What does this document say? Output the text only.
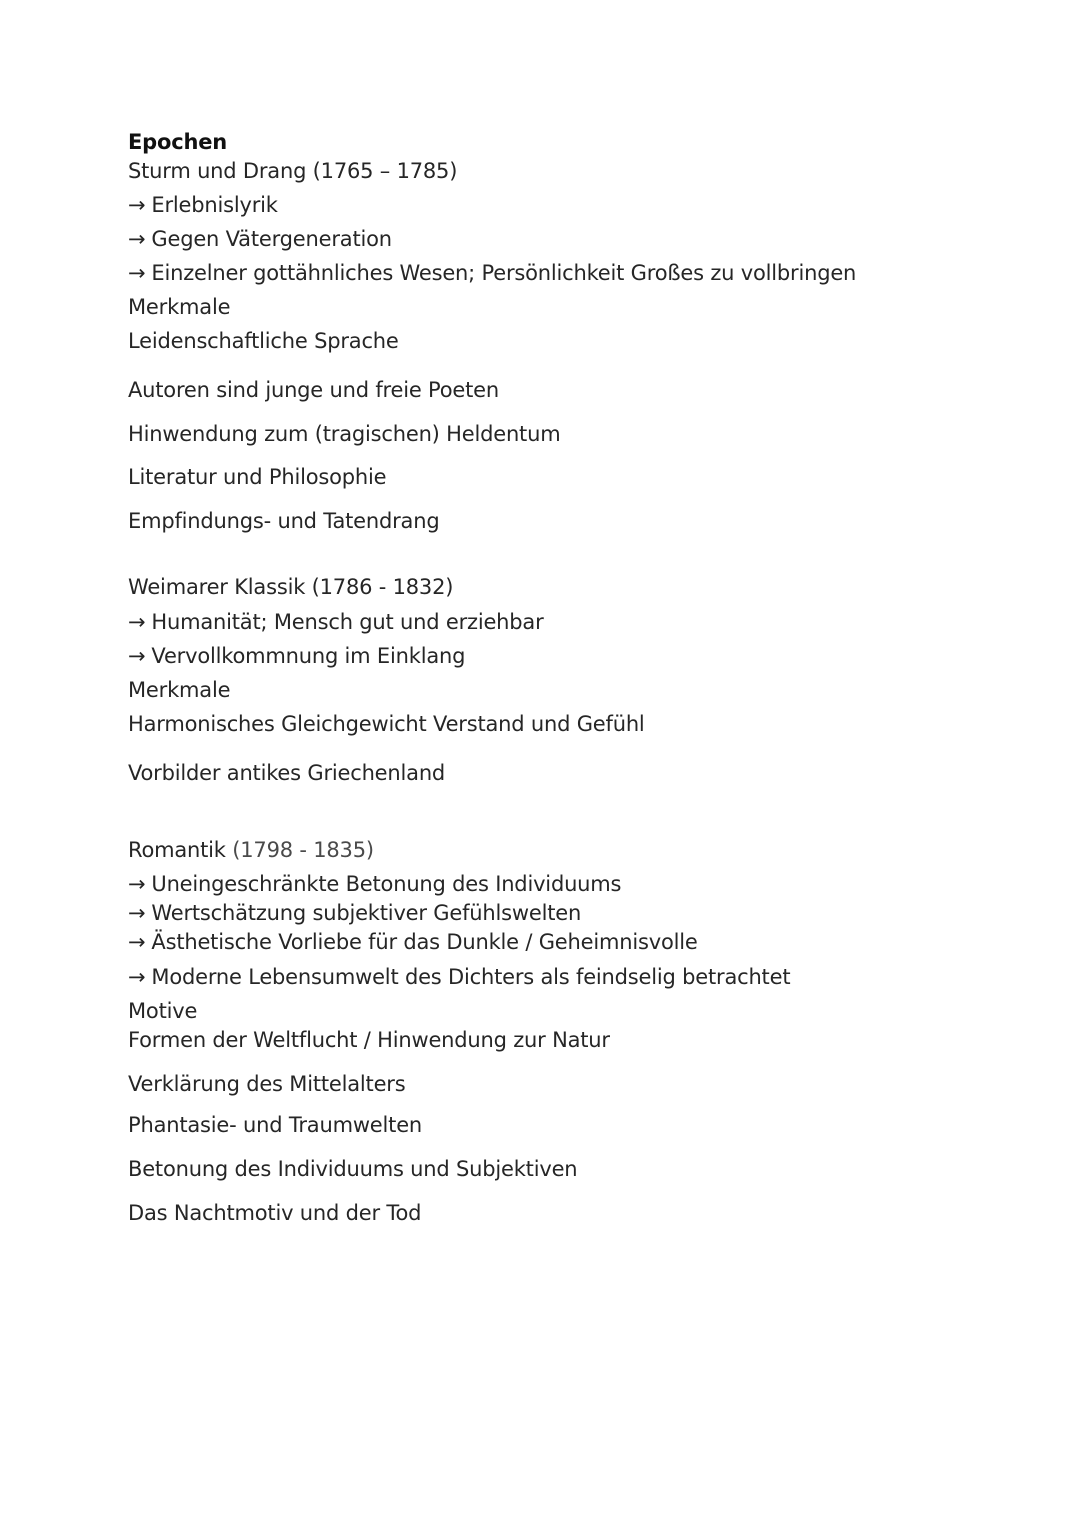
Epochen
Sturm und Drang (1765 – 1785)
→ Erlebnislyrik
→ Gegen Vätergeneration
→ Einzelner gottähnliches Wesen; Persönlichkeit Großes zu vollbringen
Merkmale
Leidenschaftliche Sprache
Autoren sind junge und freie Poeten
Hinwendung zum (tragischen) Heldentum
Literatur und Philosophie
Empfindungs- und Tatendrang
Weimarer Klassik (1786 - 1832)
→ Humanität; Mensch gut und erziehbar
→ Vervollkommnung im Einklang
Merkmale
Harmonisches Gleichgewicht Verstand und Gefühl
Vorbilder antikes Griechenland
Romantik (1798 - 1835)
→ Uneingeschränkte Betonung des Individuums
→ Wertschätzung subjektiver Gefühlswelten
→ Ästhetische Vorliebe für das Dunkle / Geheimnisvolle
→ Moderne Lebensumwelt des Dichters als feindselig betrachtet
Motive
Formen der Weltflucht / Hinwendung zur Natur
Verklärung des Mittelalters
Phantasie- und Traumwelten
Betonung des Individuums und Subjektiven
Das Nachtmotiv und der Tod
